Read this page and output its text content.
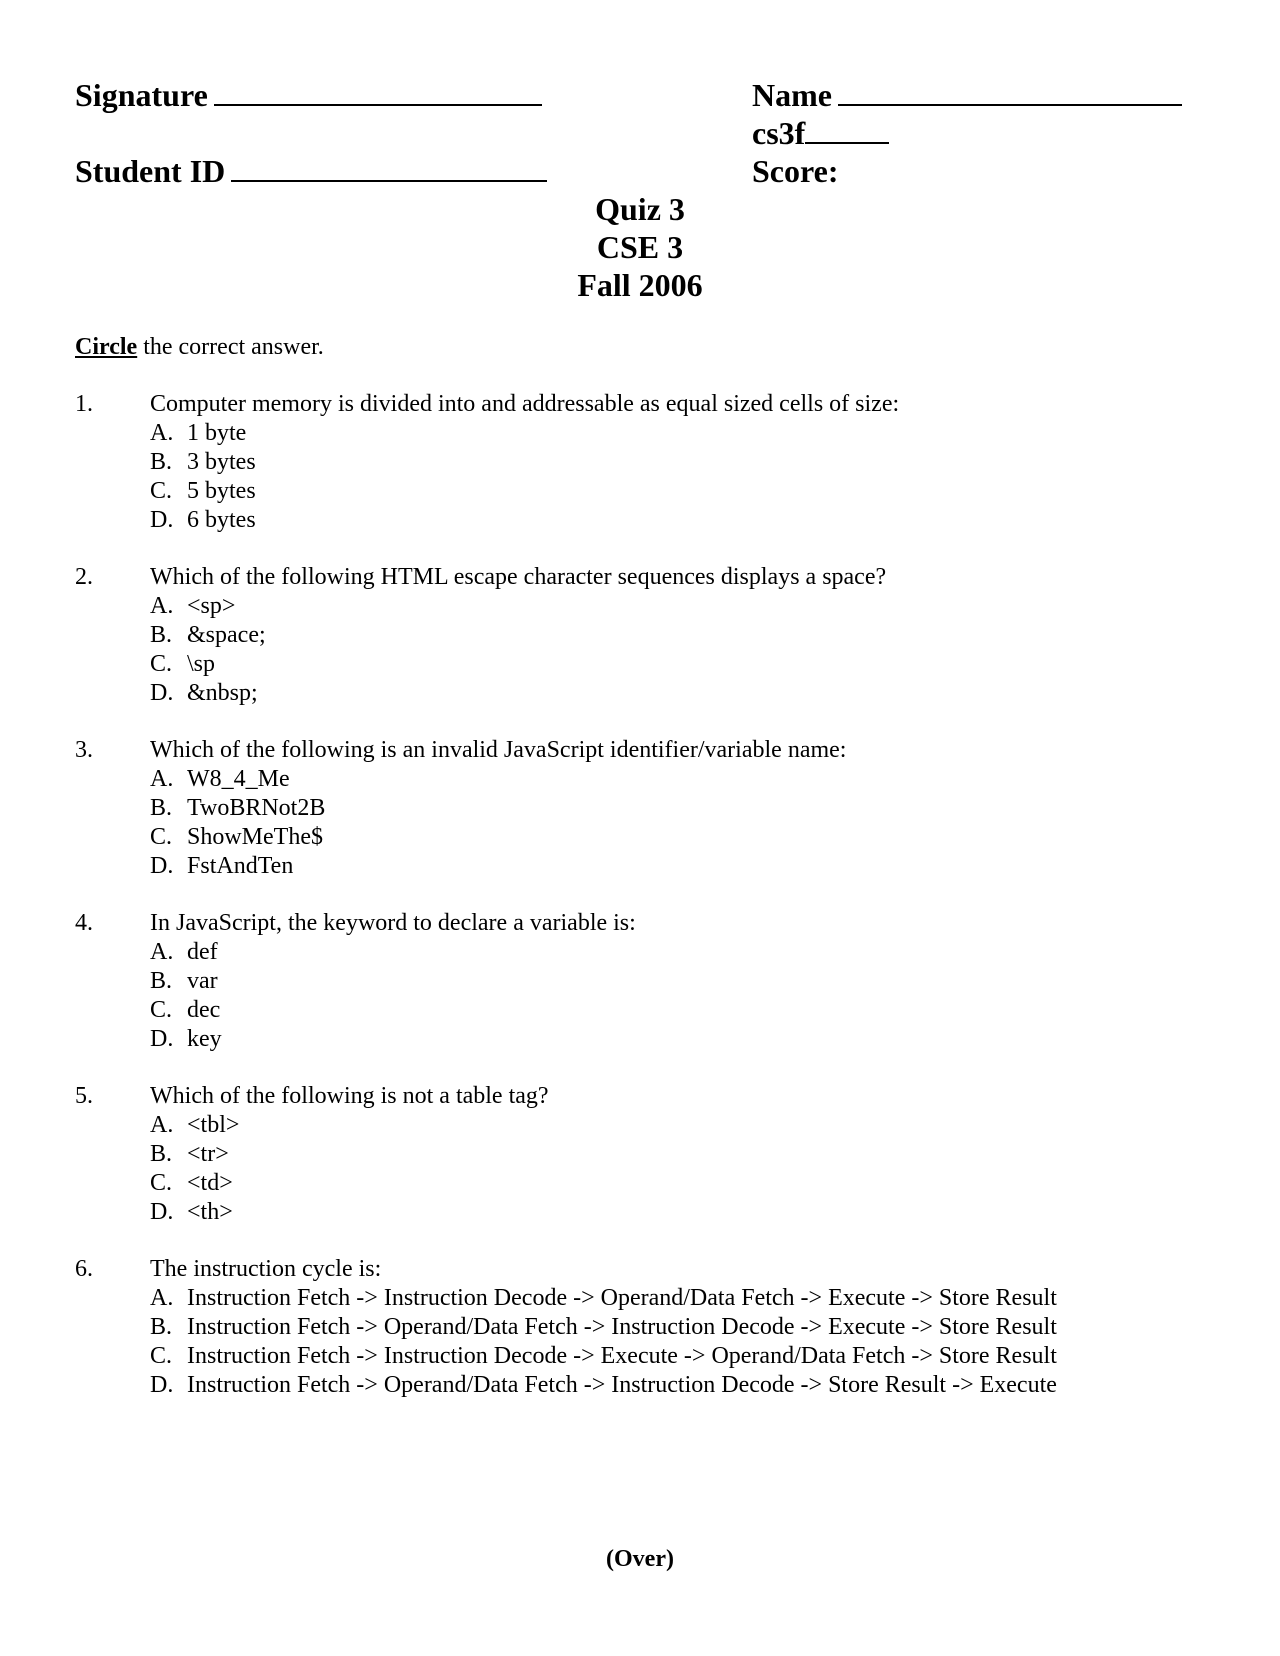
Signature
Student ID
Name
cs3f
Score:
Quiz 3
CSE 3
Fall 2006
Circle the correct answer.
1. Computer memory is divided into and addressable as equal sized cells of size:
A. 1 byte
B. 3 bytes
C. 5 bytes
D. 6 bytes
2. Which of the following HTML escape character sequences displays a space?
A. <sp>
B. &space;
C. \sp
D. &nbsp;
3. Which of the following is an invalid JavaScript identifier/variable name:
A. W8_4_Me
B. TwoBRNot2B
C. ShowMeThe$
D. FstAndTen
4. In JavaScript, the keyword to declare a variable is:
A. def
B. var
C. dec
D. key
5. Which of the following is not a table tag?
A. <tbl>
B. <tr>
C. <td>
D. <th>
6. The instruction cycle is:
A. Instruction Fetch -> Instruction Decode -> Operand/Data Fetch -> Execute -> Store Result
B. Instruction Fetch -> Operand/Data Fetch -> Instruction Decode -> Execute -> Store Result
C. Instruction Fetch -> Instruction Decode -> Execute -> Operand/Data Fetch -> Store Result
D. Instruction Fetch -> Operand/Data Fetch -> Instruction Decode -> Store Result -> Execute
(Over)
